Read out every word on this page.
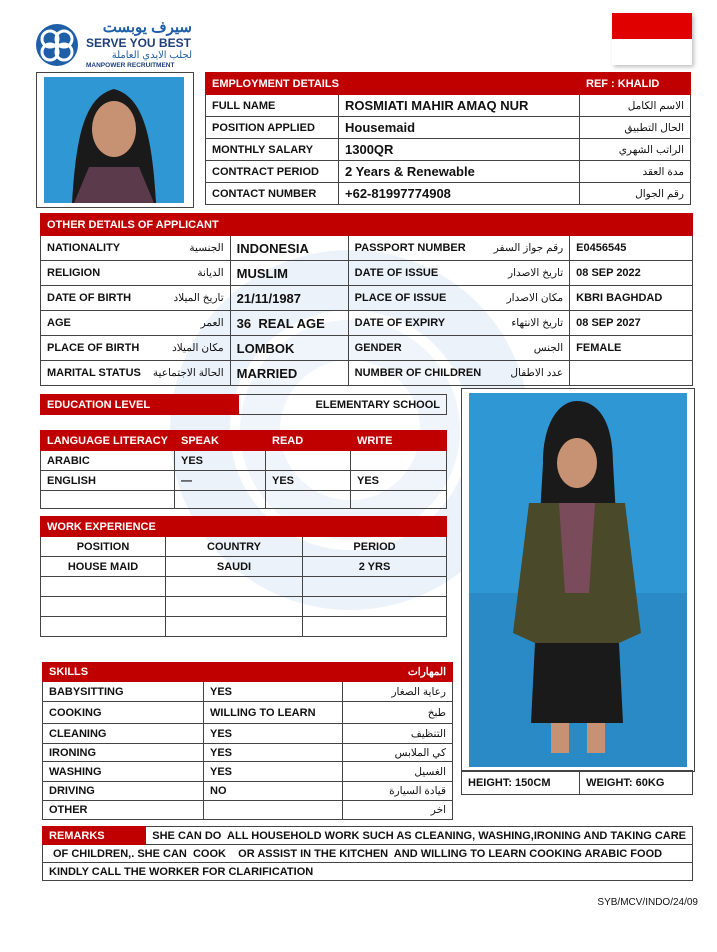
سيرف يوبست
SERVE YOU BEST
لجلب الايدي العاملة
MANPOWER RECRUITMENT
EMPLOYMENT DETAILS		REF : KHALID
FULL NAME	ROSMIATI MAHIR AMAQ NUR	الاسم الكامل
POSITION APPLIED	Housemaid	الحال التطبيق
MONTHLY SALARY	1300QR	الراتب الشهري
CONTRACT PERIOD	2 Years & Renewable	مدة العقد
CONTACT NUMBER	+62-81997774908	رقم الجوال
OTHER DETAILS OF APPLICANT					
NATIONALITY	الجنسية	INDONESIA	PASSPORT NUMBER	رقم جواز السفر	E0456545
RELIGION	الديانة	MUSLIM	DATE OF ISSUE	تاريخ الاصدار	08 SEP 2022
DATE OF BIRTH	تاريخ الميلاد	21/11/1987	PLACE OF ISSUE	مكان الاصدار	KBRI BAGHDAD
AGE	العمر	36  REAL AGE	DATE OF EXPIRY	تاريخ الانتهاء	08 SEP 2027
PLACE OF BIRTH	مكان الميلاد	LOMBOK	GENDER	الجنس	FEMALE
MARITAL STATUS	الحالة الاجتماعية	MARRIED	NUMBER OF CHILDREN	عدد الاطفال	
EDUCATION LEVEL	ELEMENTARY SCHOOL
LANGUAGE LITERACY	SPEAK	READ	WRITE
ARABIC	YES		
ENGLISH	—	YES	YES

WORK EXPERIENCE		
POSITION	COUNTRY	PERIOD
HOUSE MAID	SAUDI	2 YRS

SKILLS		المهارات
BABYSITTING	YES	رعاية الصغار
COOKING	WILLING TO LEARN	طبخ
CLEANING	YES	التنظيف
IRONING	YES	كي الملابس
WASHING	YES	الغسيل
DRIVING	NO	قيادة السيارة
OTHER		اخر
HEIGHT: 150CM	WEIGHT: 60KG
REMARKS	SHE CAN DO  ALL HOUSEHOLD WORK SUCH AS CLEANING, WASHING,IRONING AND TAKING CARE
OF CHILDREN,. SHE CAN  COOK    OR ASSIST IN THE KITCHEN  AND WILLING TO LEARN COOKING ARABIC FOOD
KINDLY CALL THE WORKER FOR CLARIFICATION
SYB/MCV/INDO/24/09
